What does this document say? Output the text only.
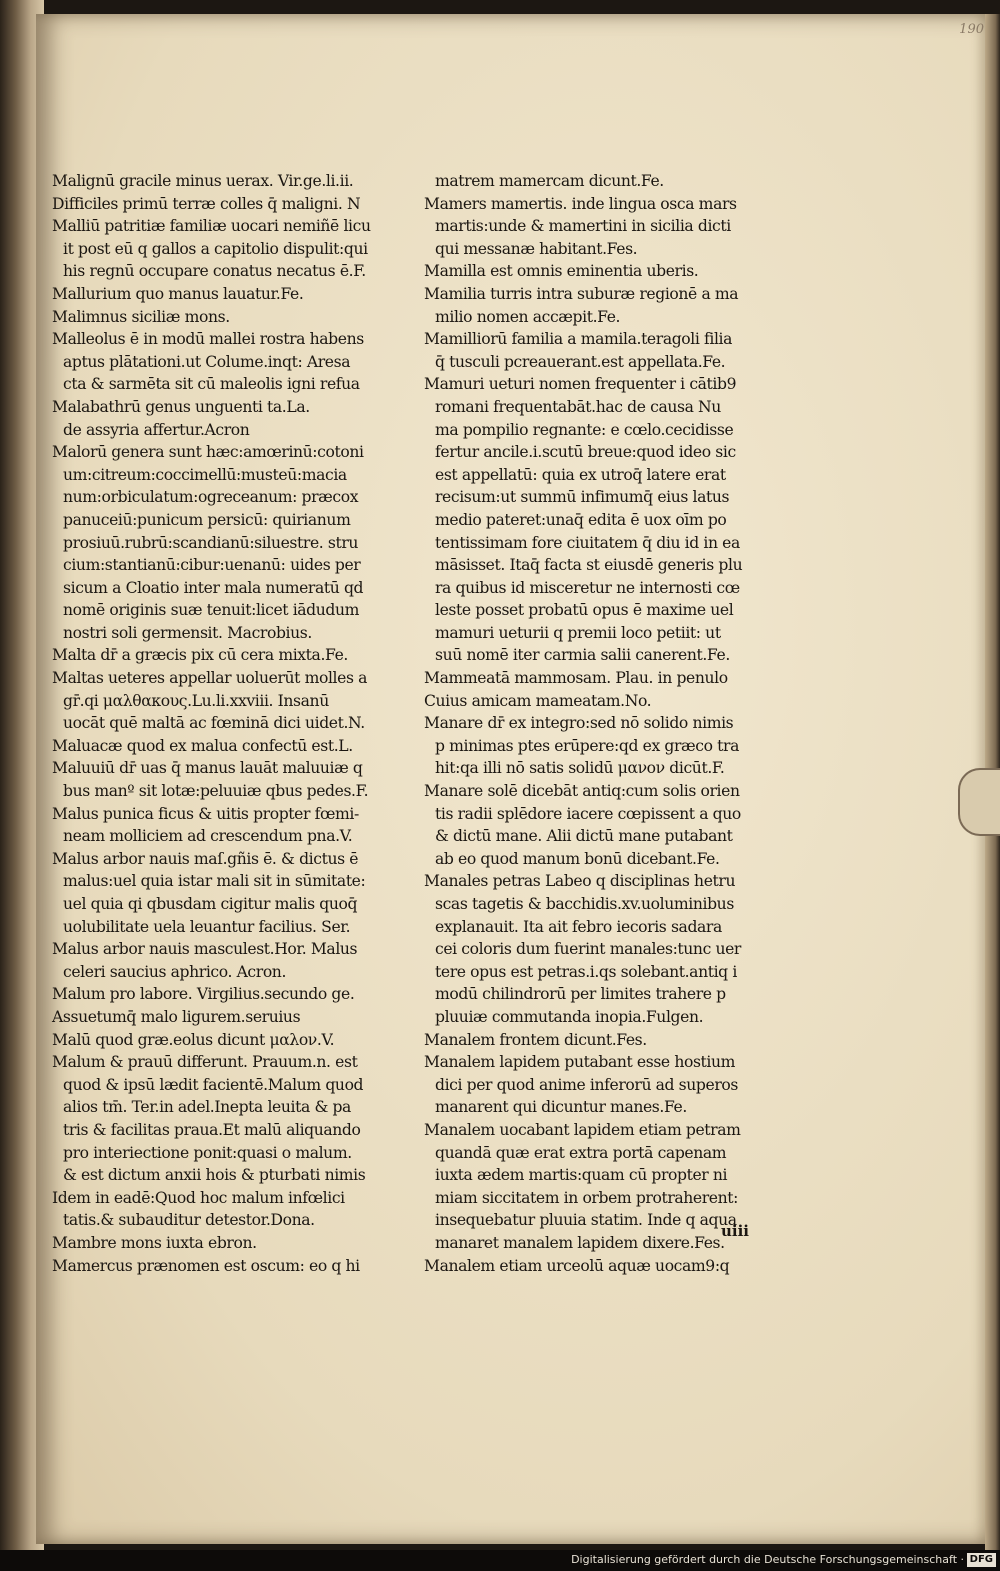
190
Malignū gracile minus uerax. Vir.ge.li.ii.
Difficiles primū terræ colles q̄ maligni. N
Malliū patritiæ familiæ uocari nemiñē licu
it post eū q gallos a capitolio dispulit:qui
his regnū occupare conatus necatus ē.F.
Mallurium quo manus lauatur.Fe.
Malimnus siciliæ mons.
Malleolus ē in modū mallei rostra habens
aptus plātationi.ut Colume.inqt: Aresa
cta & sarmēta sit cū maleolis igni refua
Malabathrū genus unguenti ta.La.
de assyria affertur.Acron
Malorū genera sunt hæc:amœrinū:cotoni
um:citreum:coccimellū:musteū:macia
num:orbiculatum:ogreceanum: præcox
panuceiū:punicum persicū: quirianum
prosiuū.rubrū:scandianū:siluestre. stru
cium:stantianū:cibur:uenanū: uides per
sicum a Cloatio inter mala numeratū qd
nomē originis suæ tenuit:licet iādudum
nostri soli germensit. Macrobius.
Malta dr̄ a græcis pix cū cera mixta.Fe.
Maltas ueteres appellar uoluerūt molles a
gr̄.qi μαλθακους.Lu.li.xxviii. Insanū
uocāt quē maltā ac fœminā dici uidet.N.
Maluacæ quod ex malua confectū est.L.
Maluuiū dr̄ uas q̄ manus lauāt maluuiæ q
bus manº sit lotæ:peluuiæ qbus pedes.F.
Malus punica ficus & uitis propter fœmi-
neam molliciem ad crescendum pna.V.
Malus arbor nauis maſ.gñis ē. & dictus ē
malus:uel quia istar mali sit in sūmitate:
uel quia qi qbusdam cigitur malis quoq̄
uolubilitate uela leuantur facilius. Ser.
Malus arbor nauis masculest.Hor. Malus
celeri saucius aphrico. Acron.
Malum pro labore. Virgilius.secundo ge.
Assuetumq̄ malo ligurem.seruius
Malū quod græ.eolus dicunt μαλον.V.
Malum & prauū differunt. Prauum.n. est
quod & ipsū lædit facientē.Malum quod
alios tm̄. Ter.in adel.Inepta leuita & pa
tris & facilitas praua.Et malū aliquando
pro interiectione ponit:quasi o malum.
& est dictum anxii hois & pturbati nimis
Idem in eadē:Quod hoc malum infœlici
tatis.& subauditur detestor.Dona.
Mambre mons iuxta ebron.
Mamercus prænomen est oscum: eo q hi
matrem mamercam dicunt.Fe.
Mamers mamertis. inde lingua osca mars
martis:unde & mamertini in sicilia dicti
qui messanæ habitant.Fes.
Mamilla est omnis eminentia uberis.
Mamilia turris intra suburæ regionē a ma
milio nomen accæpit.Fe.
Mamilliorū familia a mamila.teragoli filia
q̄ tusculi pcreauerant.est appellata.Fe.
Mamuri ueturi nomen frequenter i cātib9
romani frequentabāt.hac de causa Nu
ma pompilio regnante: e cœlo.cecidisse
fertur ancile.i.scutū breue:quod ideo sic
est appellatū: quia ex utroq̄ latere erat
recisum:ut summū infimumq̄ eius latus
medio pateret:unaq̄ edita ē uox oīm po
tentissimam fore ciuitatem q̄ diu id in ea
māsisset. Itaq̄ facta st eiusdē generis plu
ra quibus id misceretur ne internosti cœ
leste posset probatū opus ē maxime uel
mamuri ueturii q premii loco petiit: ut
suū nomē iter carmia salii canerent.Fe.
Mammeatā mammosam. Plau. in penulo
Cuius amicam mameatam.No.
Manare dr̄ ex integro:sed nō solido nimis
p minimas ptes erūpere:qd ex græco tra
hit:qa illi nō satis solidū μανον dicūt.F.
Manare solē dicebāt antiq:cum solis orien
tis radii splēdore iacere cœpissent a quo
& dictū mane. Alii dictū mane putabant
ab eo quod manum bonū dicebant.Fe.
Manales petras Labeo q disciplinas hetru
scas tagetis & bacchidis.xv.uoluminibus
explanauit. Ita ait febro iecoris sadara
cei coloris dum fuerint manales:tunc uer
tere opus est petras.i.qs solebant.antiq i
modū chilindrorū per limites trahere p
pluuiæ commutanda inopia.Fulgen.
Manalem frontem dicunt.Fes.
Manalem lapidem putabant esse hostium
dici per quod anime inferorū ad superos
manarent qui dicuntur manes.Fe.
Manalem uocabant lapidem etiam petram
quandā quæ erat extra portā capenam
iuxta ædem martis:quam cū propter ni
miam siccitatem in orbem protraherent:
insequebatur pluuia statim. Inde q aqua
manaret manalem lapidem dixere.Fes.
Manalem etiam urceolū aquæ uocam9:q
uiii
Digitalisierung gefördert durch die Deutsche Forschungsgemeinschaft · DFG
